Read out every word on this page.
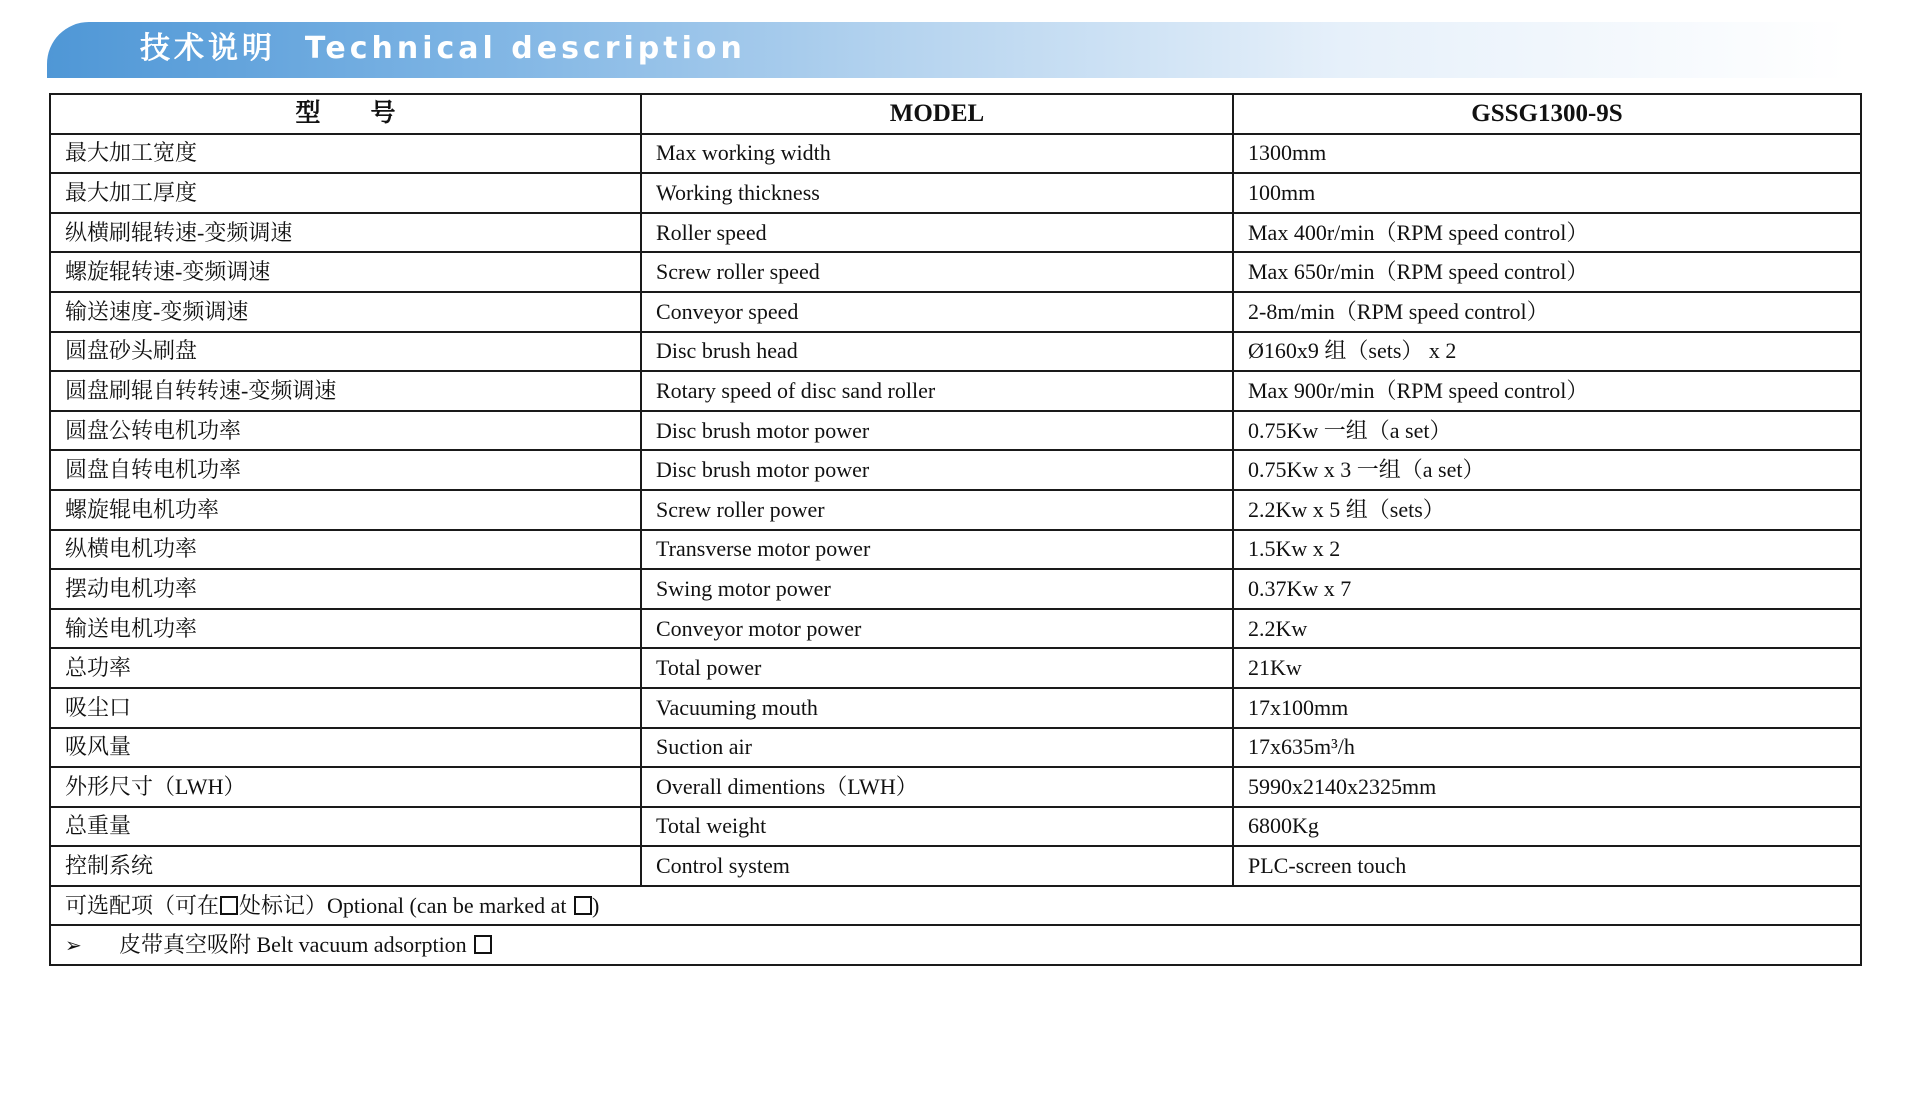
技术说明  Technical description
型　　号	MODEL	GSSG1300-9S
最大加工宽度	Max working width	1300mm
最大加工厚度	Working thickness	100mm
纵横刷辊转速-变频调速	Roller speed	Max 400r/min（RPM speed control）
螺旋辊转速-变频调速	Screw roller speed	Max 650r/min（RPM speed control）
输送速度-变频调速	Conveyor speed	2-8m/min（RPM speed control）
圆盘砂头刷盘	Disc brush head	Ø160x9 组（sets） x 2
圆盘刷辊自转转速-变频调速	Rotary speed of disc sand roller	Max 900r/min（RPM speed control）
圆盘公转电机功率	Disc brush motor power	0.75Kw 一组（a set）
圆盘自转电机功率	Disc brush motor power	0.75Kw x 3 一组（a set）
螺旋辊电机功率	Screw roller power	2.2Kw x 5 组（sets）
纵横电机功率	Transverse motor power	1.5Kw x 2
摆动电机功率	Swing motor power	0.37Kw x 7
输送电机功率	Conveyor motor power	2.2Kw
总功率	Total power	21Kw
吸尘口	Vacuuming mouth	17x100mm
吸风量	Suction air	17x635m³/h
外形尺寸（LWH）	Overall dimentions（LWH）	5990x2140x2325mm
总重量	Total weight	6800Kg
控制系统	Control system	PLC-screen touch
可选配项（可在 处标记）Optional (can be marked at )		
➢ 皮带真空吸附 Belt vacuum adsorption		
